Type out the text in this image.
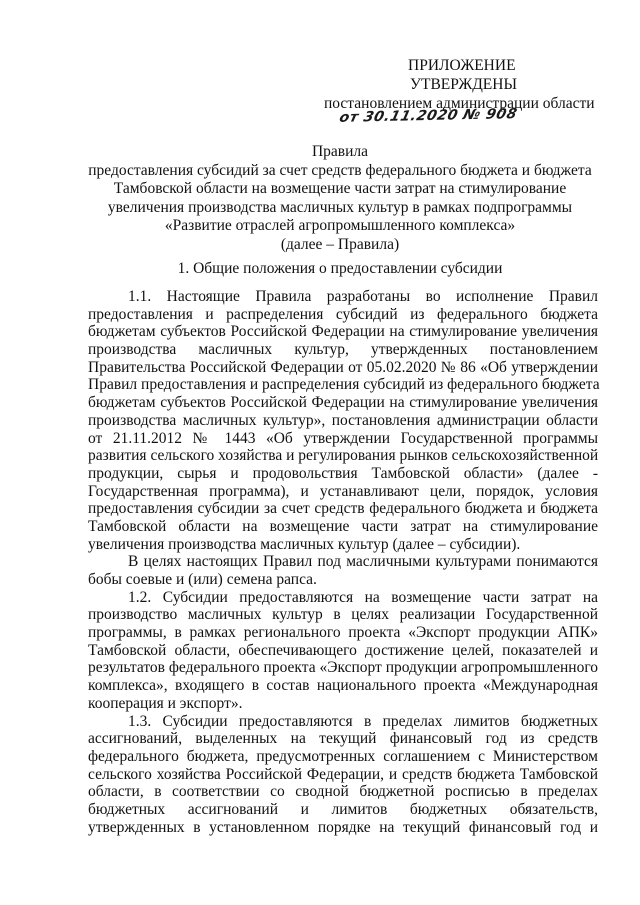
ПРИЛОЖЕНИЕ
УТВЕРЖДЕНЫ
постановлением администрации области
от 30.11.2020 № 908
Правила
предоставления субсидий за счет средств федерального бюджета и бюджета
Тамбовской области на возмещение части затрат на стимулирование
увеличения производства масличных культур в рамках подпрограммы
«Развитие отраслей агропромышленного комплекса»
(далее – Правила)
1. Общие положения о предоставлении субсидии
1.1. Настоящие Правила разработаны во исполнение Правил
предоставления и распределения субсидий из федерального бюджета
бюджетам субъектов Российской Федерации на стимулирование увеличения
производства масличных культур, утвержденных постановлением
Правительства Российской Федерации от 05.02.2020 № 86 «Об утверждении
Правил предоставления и распределения субсидий из федерального бюджета
бюджетам субъектов Российской Федерации на стимулирование увеличения
производства масличных культур», постановления администрации области
от 21.11.2012 № 1443 «Об утверждении Государственной программы
развития сельского хозяйства и регулирования рынков сельскохозяйственной
продукции, сырья и продовольствия Тамбовской области» (далее -
Государственная программа), и устанавливают цели, порядок, условия
предоставления субсидии за счет средств федерального бюджета и бюджета
Тамбовской области на возмещение части затрат на стимулирование
увеличения производства масличных культур (далее – субсидии).
В целях настоящих Правил под масличными культурами понимаются
бобы соевые и (или) семена рапса.
1.2. Субсидии предоставляются на возмещение части затрат на
производство масличных культур в целях реализации Государственной
программы, в рамках регионального проекта «Экспорт продукции АПК»
Тамбовской области, обеспечивающего достижение целей, показателей и
результатов федерального проекта «Экспорт продукции агропромышленного
комплекса», входящего в состав национального проекта «Международная
кооперация и экспорт».
1.3. Субсидии предоставляются в пределах лимитов бюджетных
ассигнований, выделенных на текущий финансовый год из средств
федерального бюджета, предусмотренных соглашением с Министерством
сельского хозяйства Российской Федерации, и средств бюджета Тамбовской
области, в соответствии со сводной бюджетной росписью в пределах
бюджетных ассигнований и лимитов бюджетных обязательств,
утвержденных в установленном порядке на текущий финансовый год и
